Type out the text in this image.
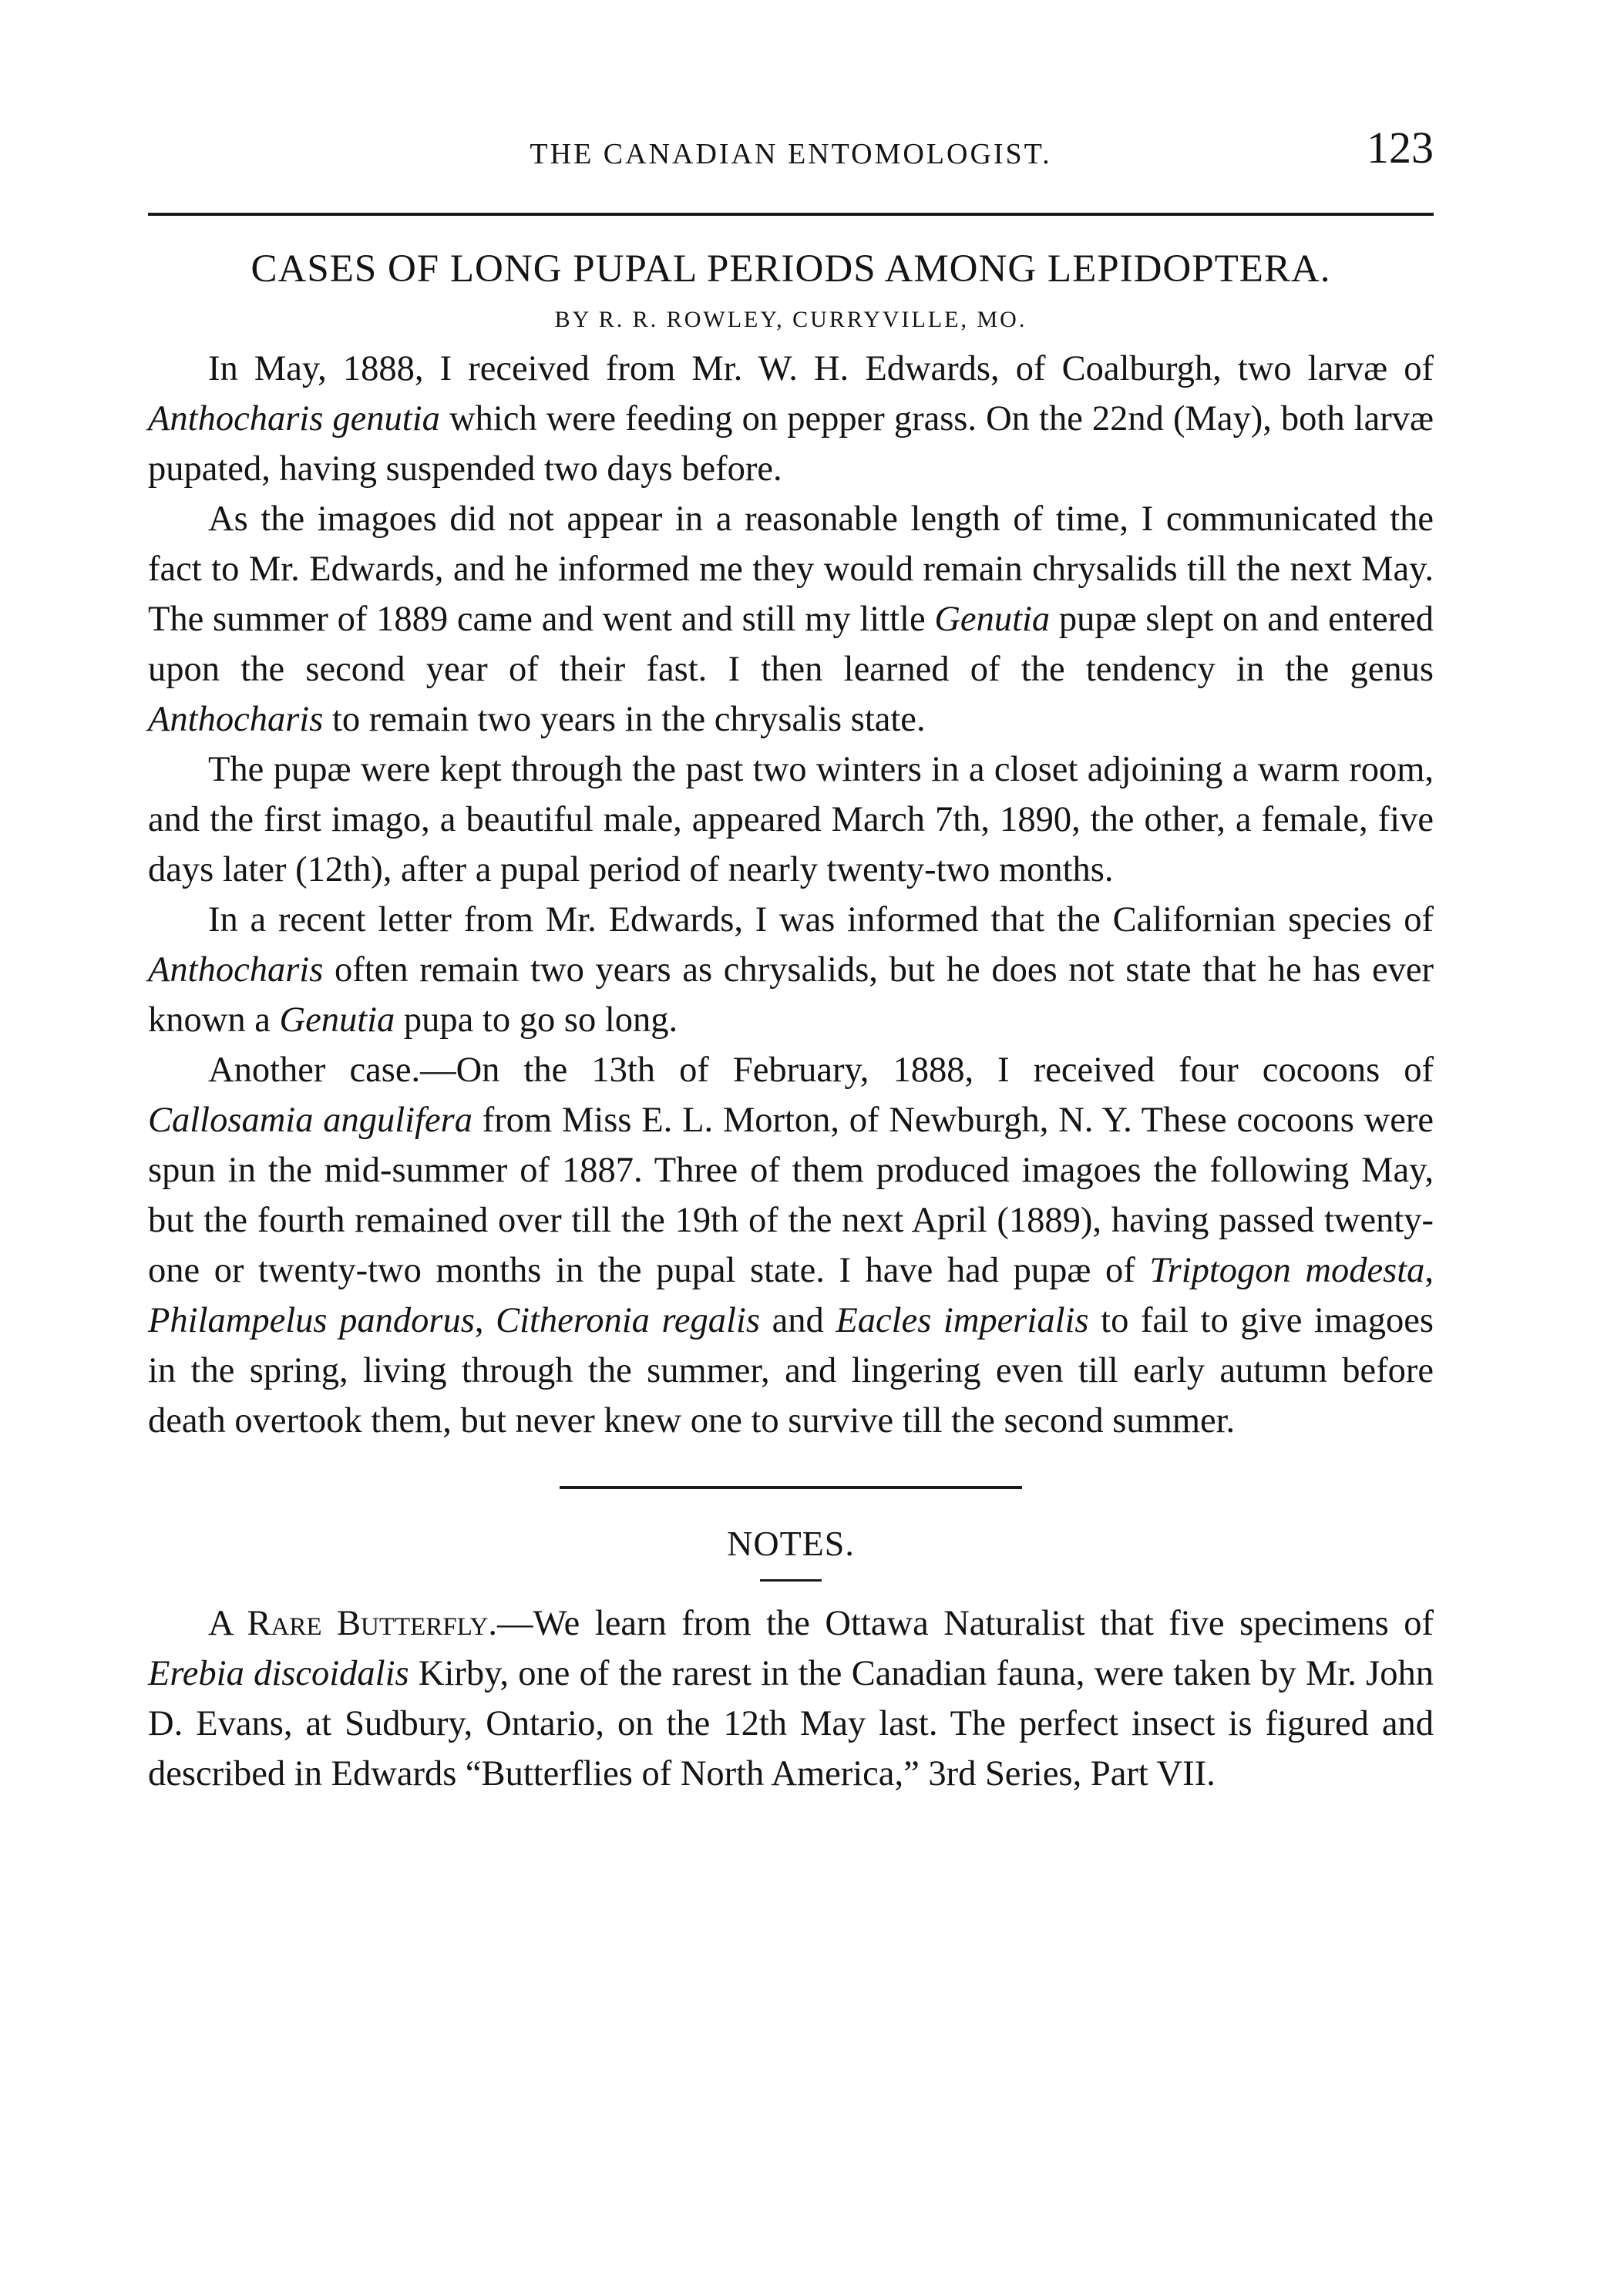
THE CANADIAN ENTOMOLOGIST.	123
CASES OF LONG PUPAL PERIODS AMONG LEPIDOPTERA.
BY R. R. ROWLEY, CURRYVILLE, MO.

In May, 1888, I received from Mr. W. H. Edwards, of Coalburgh, two larvæ of Anthocharis genutia which were feeding on pepper grass. On the 22nd (May), both larvæ pupated, having suspended two days before.

As the imagoes did not appear in a reasonable length of time, I communicated the fact to Mr. Edwards, and he informed me they would remain chrysalids till the next May. The summer of 1889 came and went and still my little Genutia pupæ slept on and entered upon the second year of their fast. I then learned of the tendency in the genus Anthocharis to remain two years in the chrysalis state.

The pupæ were kept through the past two winters in a closet adjoining a warm room, and the first imago, a beautiful male, appeared March 7th, 1890, the other, a female, five days later (12th), after a pupal period of nearly twenty-two months.

In a recent letter from Mr. Edwards, I was informed that the Californian species of Anthocharis often remain two years as chrysalids, but he does not state that he has ever known a Genutia pupa to go so long.

Another case.—On the 13th of February, 1888, I received four cocoons of Callosamia angulifera from Miss E. L. Morton, of Newburgh, N. Y. These cocoons were spun in the mid-summer of 1887. Three of them produced imagoes the following May, but the fourth remained over till the 19th of the next April (1889), having passed twenty-one or twenty-two months in the pupal state. I have had pupæ of Triptogon modesta, Philampelus pandorus, Citheronia regalis and Eacles imperialis to fail to give imagoes in the spring, living through the summer, and lingering even till early autumn before death overtook them, but never knew one to survive till the second summer.

NOTES.

A Rare Butterfly.—We learn from the Ottawa Naturalist that five specimens of Erebia discoidalis Kirby, one of the rarest in the Canadian fauna, were taken by Mr. John D. Evans, at Sudbury, Ontario, on the 12th May last. The perfect insect is figured and described in Edwards “Butterflies of North America,” 3rd Series, Part VII.
